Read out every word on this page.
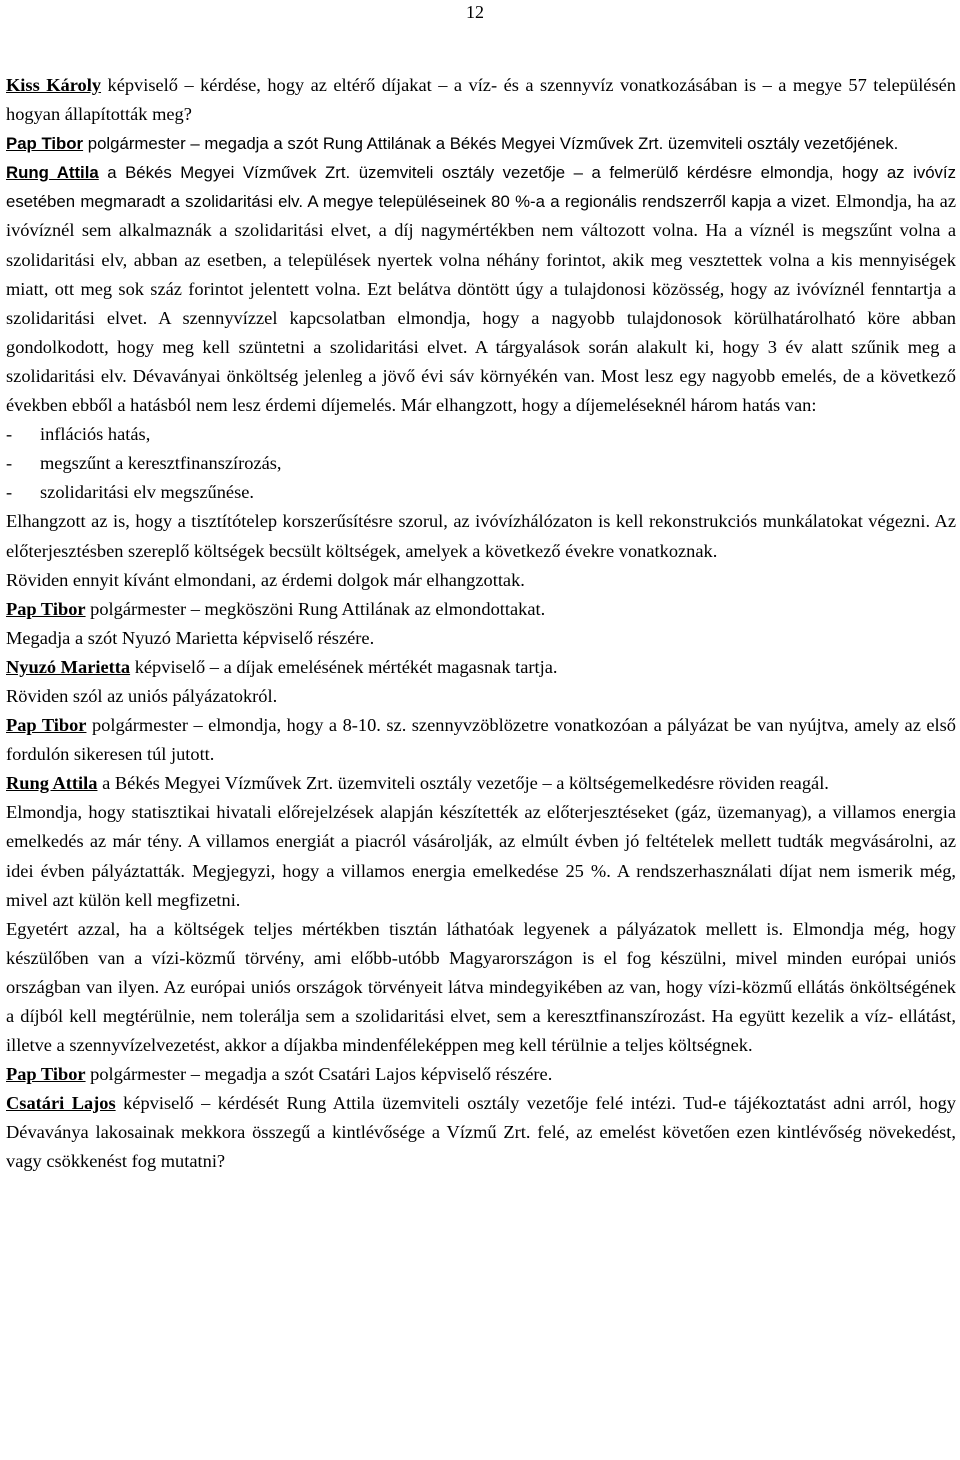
12

Kiss Károly képviselő – kérdése, hogy az eltérő díjakat – a víz- és a szennyvíz vonatkozásában is – a megye 57 településén hogyan állapították meg?

Pap Tibor polgármester – megadja a szót Rung Attilának a Békés Megyei Vízművek Zrt. üzemviteli osztály vezetőjének.

Rung Attila a Békés Megyei Vízművek Zrt. üzemviteli osztály vezetője – a felmerülő kérdésre elmondja, hogy az ivóvíz esetében megmaradt a szolidaritási elv. A megye településeinek 80 %-a a regionális rendszerről kapja a vizet. Elmondja, ha az ivóvíznél sem alkalmaznák a szolidaritási elvet, a díj nagymértékben nem változott volna. Ha a víznél is megszűnt volna a szolidaritási elv, abban az esetben, a települések nyertek volna néhány forintot, akik meg vesztettek volna a kis mennyiségek miatt, ott meg sok száz forintot jelentett volna. Ezt belátva döntött úgy a tulajdonosi közösség, hogy az ivóvíznél fenntartja a szolidaritási elvet. A szennyvízzel kapcsolatban elmondja, hogy a nagyobb tulajdonosok körülhatárolható köre abban gondolkodott, hogy meg kell szüntetni a szolidaritási elvet. A tárgyalások során alakult ki, hogy 3 év alatt szűnik meg a szolidaritási elv. Dévaványai önköltség jelenleg a jövő évi sáv környékén van. Most lesz egy nagyobb emelés, de a következő években ebből a hatásból nem lesz érdemi díjemelés. Már elhangzott, hogy a díjemeléseknél három hatás van:

- inflációs hatás,
- megszűnt a keresztfinanszírozás,
- szolidaritási elv megszűnése.

Elhangzott az is, hogy a tisztítótelep korszerűsítésre szorul, az ivóvízhálózaton is kell rekonstrukciós munkálatokat végezni. Az előterjesztésben szereplő költségek becsült költségek, amelyek a következő évekre vonatkoznak.

Röviden ennyit kívánt elmondani, az érdemi dolgok már elhangzottak.

Pap Tibor polgármester – megköszöni Rung Attilának az elmondottakat.

Megadja a szót Nyuzó Marietta képviselő részére.

Nyuzó Marietta képviselő – a díjak emelésének mértékét magasnak tartja.

Röviden szól az uniós pályázatokról.

Pap Tibor polgármester – elmondja, hogy a 8-10. sz. szennyvzöblözetre vonatkozóan a pályázat be van nyújtva, amely az első fordulón sikeresen túl jutott.

Rung Attila a Békés Megyei Vízművek Zrt. üzemviteli osztály vezetője – a költségemelkedésre röviden reagál.

Elmondja, hogy statisztikai hivatali előrejelzések alapján készítették az előterjesztéseket (gáz, üzemanyag), a villamos energia emelkedés az már tény. A villamos energiát a piacról vásárolják, az elmúlt évben jó feltételek mellett tudták megvásárolni, az idei évben pályáztatták. Megjegyzi, hogy a villamos energia emelkedése 25 %. A rendszerhasználati díjat nem ismerik még, mivel azt külön kell megfizetni.

Egyetért azzal, ha a költségek teljes mértékben tisztán láthatóak legyenek a pályázatok mellett is. Elmondja még, hogy készülőben van a vízi-közmű törvény, ami előbb-utóbb Magyarországon is el fog készülni, mivel minden európai uniós országban van ilyen. Az európai uniós országok törvényeit látva mindegyikében az van, hogy vízi-közmű ellátás önköltségének a díjból kell megtérülnie, nem tolerálja sem a szolidaritási elvet, sem a keresztfinanszírozást. Ha együtt kezelik a víz- ellátást, illetve a szennyvízelvezetést, akkor a díjakba mindenféleképpen meg kell térülnie a teljes költségnek.

Pap Tibor polgármester – megadja a szót Csatári Lajos képviselő részére.

Csatári Lajos képviselő – kérdését Rung Attila üzemviteli osztály vezetője felé intézi. Tud-e tájékoztatást adni arról, hogy Dévaványa lakosainak mekkora összegű a kintlévősége a Vízmű Zrt. felé, az emelést követően ezen kintlévőség növekedést, vagy csökkenést fog mutatni?
